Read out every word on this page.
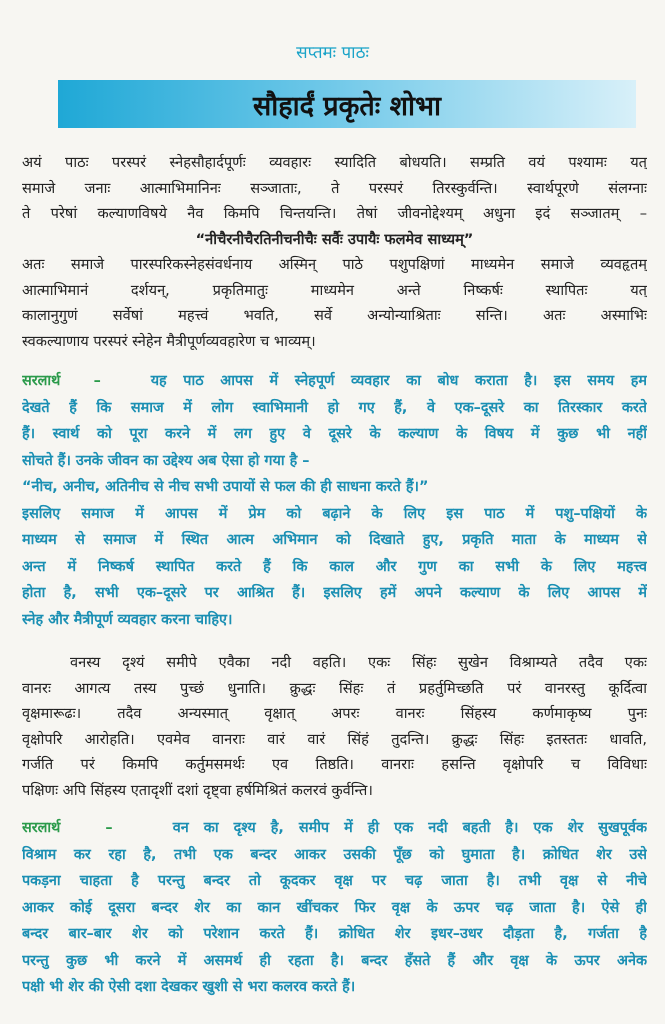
सप्तमः पाठः
सौहार्दं प्रकृतेः शोभा
अयं पाठः परस्परं स्नेहसौहार्दपूर्णः व्यवहारः स्यादिति बोधयति। सम्प्रति वयं पश्यामः यत्
समाजे जनाः आत्माभिमानिनः सञ्जाताः, ते परस्परं तिरस्कुर्वन्ति। स्वार्थपूरणे संलग्नाः
ते परेषां कल्याणविषये नैव किमपि चिन्तयन्ति। तेषां जीवनोद्देश्यम् अधुना इदं सञ्जातम् –
“नीचैरनीचैरतिनीचनीचैः सर्वैः उपायैः फलमेव साध्यम्”
अतः समाजे पारस्परिकस्नेहसंवर्धनाय अस्मिन् पाठे पशुपक्षिणां माध्यमेन समाजे व्यवहृतम्
आत्माभिमानं दर्शयन्, प्रकृतिमातुः माध्यमेन अन्ते निष्कर्षः स्थापितः यत्
कालानुगुणं सर्वेषां महत्त्वं भवति, सर्वे अन्योन्याश्रिताः सन्ति। अतः अस्माभिः
स्वकल्याणाय परस्परं स्नेहेन मैत्रीपूर्णव्यवहारेण च भाव्यम्।
सरलार्थ –	यह पाठ आपस में स्नेहपूर्ण व्यवहार का बोध कराता है। इस समय हम
देखते हैं कि समाज में लोग स्वाभिमानी हो गए हैं, वे एक–दूसरे का तिरस्कार करते
हैं। स्वार्थ को पूरा करने में लग हुए वे दूसरे के कल्याण के विषय में कुछ भी नहीं
सोचते हैं। उनके जीवन का उद्देश्य अब ऐसा हो गया है –
“नीच, अनीच, अतिनीच से नीच सभी उपायों से फल की ही साधना करते हैं।”
इसलिए समाज में आपस में प्रेम को बढ़ाने के लिए इस पाठ में पशु–पक्षियों के
माध्यम से समाज में स्थित आत्म अभिमान को दिखाते हुए, प्रकृति माता के माध्यम से
अन्त में निष्कर्ष स्थापित करते हैं कि काल और गुण का सभी के लिए महत्त्व
होता है, सभी एक–दूसरे पर आश्रित हैं। इसलिए हमें अपने कल्याण के लिए आपस में
स्नेह और मैत्रीपूर्ण व्यवहार करना चाहिए।
वनस्य दृश्यं समीपे एवैका नदी वहति। एकः सिंहः सुखेन विश्राम्यते तदैव एकः
वानरः आगत्य तस्य पुच्छं धुनाति। क्रुद्धः सिंहः तं प्रहर्तुमिच्छति परं वानरस्तु कूर्दित्वा
वृक्षमारूढः। तदैव अन्यस्मात् वृक्षात् अपरः वानरः सिंहस्य कर्णमाकृष्य पुनः
वृक्षोपरि आरोहति। एवमेव वानराः वारं वारं सिंहं तुदन्ति। क्रुद्धः सिंहः इतस्ततः धावति,
गर्जति परं किमपि कर्तुमसमर्थः एव तिष्ठति। वानराः हसन्ति वृक्षोपरि च विविधाः
पक्षिणः अपि सिंहस्य एतादृशीं दशां दृष्ट्वा हर्षमिश्रितं कलरवं कुर्वन्ति।
सरलार्थ	–	वन का दृश्य है, समीप में ही एक नदी बहती है। एक शेर सुखपूर्वक
विश्राम कर रहा है, तभी एक बन्दर आकर उसकी पूँछ को घुमाता है। क्रोधित शेर उसे
पकड़ना चाहता है परन्तु बन्दर तो कूदकर वृक्ष पर चढ़ जाता है। तभी वृक्ष से नीचे
आकर कोई दूसरा बन्दर शेर का कान खींचकर फिर वृक्ष के ऊपर चढ़ जाता है। ऐसे ही
बन्दर बार–बार शेर को परेशान करते हैं। क्रोधित शेर इधर–उधर दौड़ता है, गर्जता है
परन्तु कुछ भी करने में असमर्थ ही रहता है। बन्दर हँसते हैं और वृक्ष के ऊपर अनेक
पक्षी भी शेर की ऐसी दशा देखकर खुशी से भरा कलरव करते हैं।
